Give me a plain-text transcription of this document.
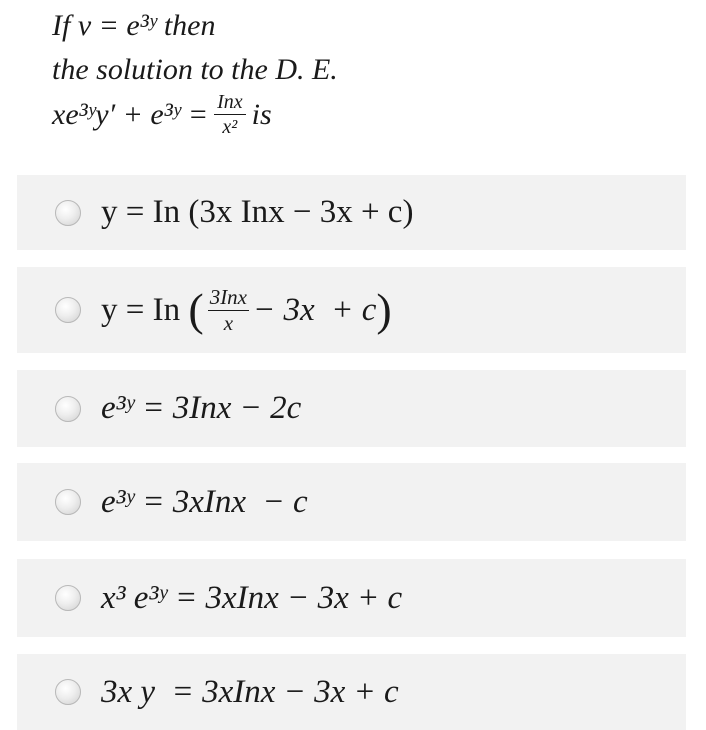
If v = e³ʸ then
the solution to the D. E.
xe³ʸy′ + e³ʸ = $\frac{\text{Inx}}{\text{x²}}$ is
y = In (3x Inx − 3x + c)
y = In
( $\frac{\text{3Inx}}{x} - 3x + c$ )
e³ʸ = 3Inx − 2c
e³ʸ = 3xInx  − c
x³ e³ʸ = 3xInx − 3x + c
3x y  = 3xInx − 3x + c
